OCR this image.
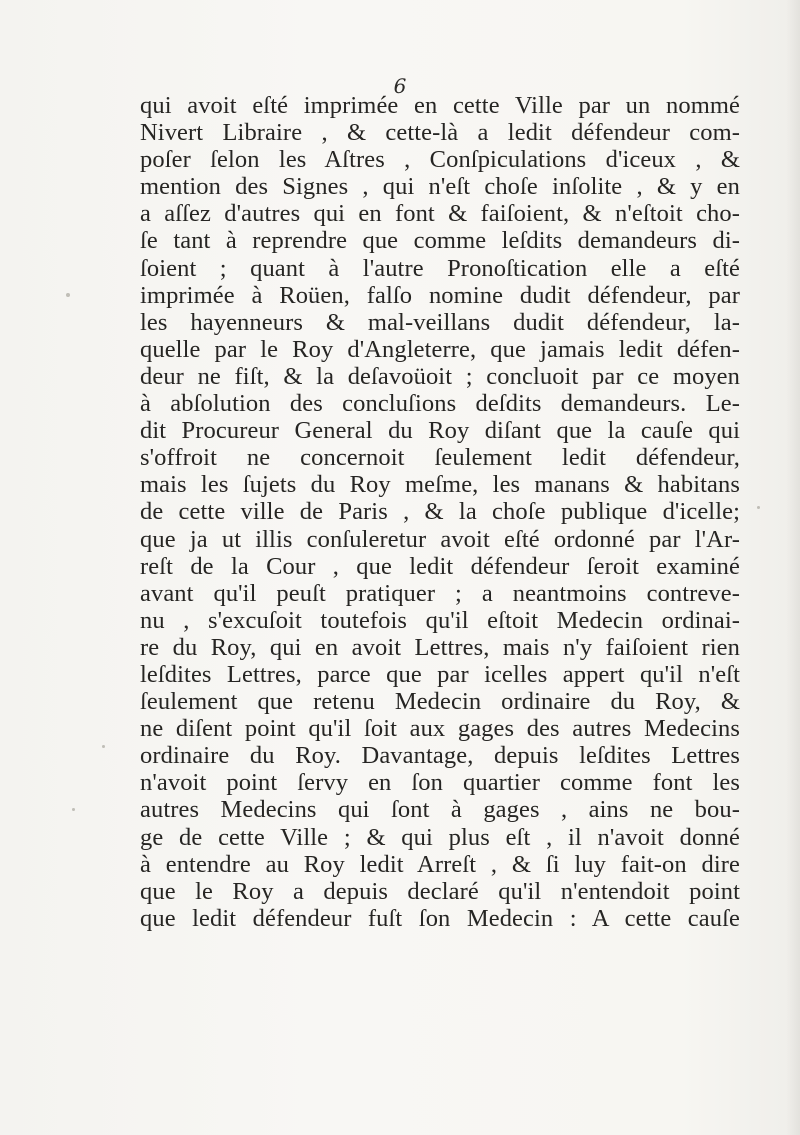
6
qui avoit eſté imprimée en cette Ville par un nommé
Nivert Libraire , & cette-là a ledit défendeur com-
poſer ſelon les Aſtres , Conſpiculations d'iceux , &
mention des Signes , qui n'eſt choſe inſolite , & y en
a aſſez d'autres qui en font & faiſoient, & n'eſtoit cho-
ſe tant à reprendre que comme leſdits demandeurs di-
ſoient ; quant à l'autre Pronoſtication elle a eſté
imprimée à Roüen, falſo nomine dudit défendeur, par
les hayenneurs & mal-veillans dudit défendeur, la-
quelle par le Roy d'Angleterre, que jamais ledit défen-
deur ne fiſt, & la deſavoüoit ; concluoit par ce moyen
à abſolution des concluſions deſdits demandeurs. Le-
dit Procureur General du Roy diſant que la cauſe qui
s'offroit ne concernoit ſeulement ledit défendeur,
mais les ſujets du Roy meſme, les manans & habitans
de cette ville de Paris , & la choſe publique d'icelle;
que ja ut illis conſuleretur avoit eſté ordonné par l'Ar-
reſt de la Cour , que ledit défendeur ſeroit examiné
avant qu'il peuſt pratiquer ; a neantmoins contreve-
nu , s'excuſoit toutefois qu'il eſtoit Medecin ordinai-
re du Roy, qui en avoit Lettres, mais n'y faiſoient rien
leſdites Lettres, parce que par icelles appert qu'il n'eſt
ſeulement que retenu Medecin ordinaire du Roy, &
ne diſent point qu'il ſoit aux gages des autres Medecins
ordinaire du Roy. Davantage, depuis leſdites Lettres
n'avoit point ſervy en ſon quartier comme font les
autres Medecins qui ſont à gages , ains ne bou-
ge de cette Ville ; & qui plus eſt , il n'avoit donné
à entendre au Roy ledit Arreſt , & ſi luy fait-on dire
que le Roy a depuis declaré qu'il n'entendoit point
que ledit défendeur fuſt ſon Medecin : A cette cauſe
